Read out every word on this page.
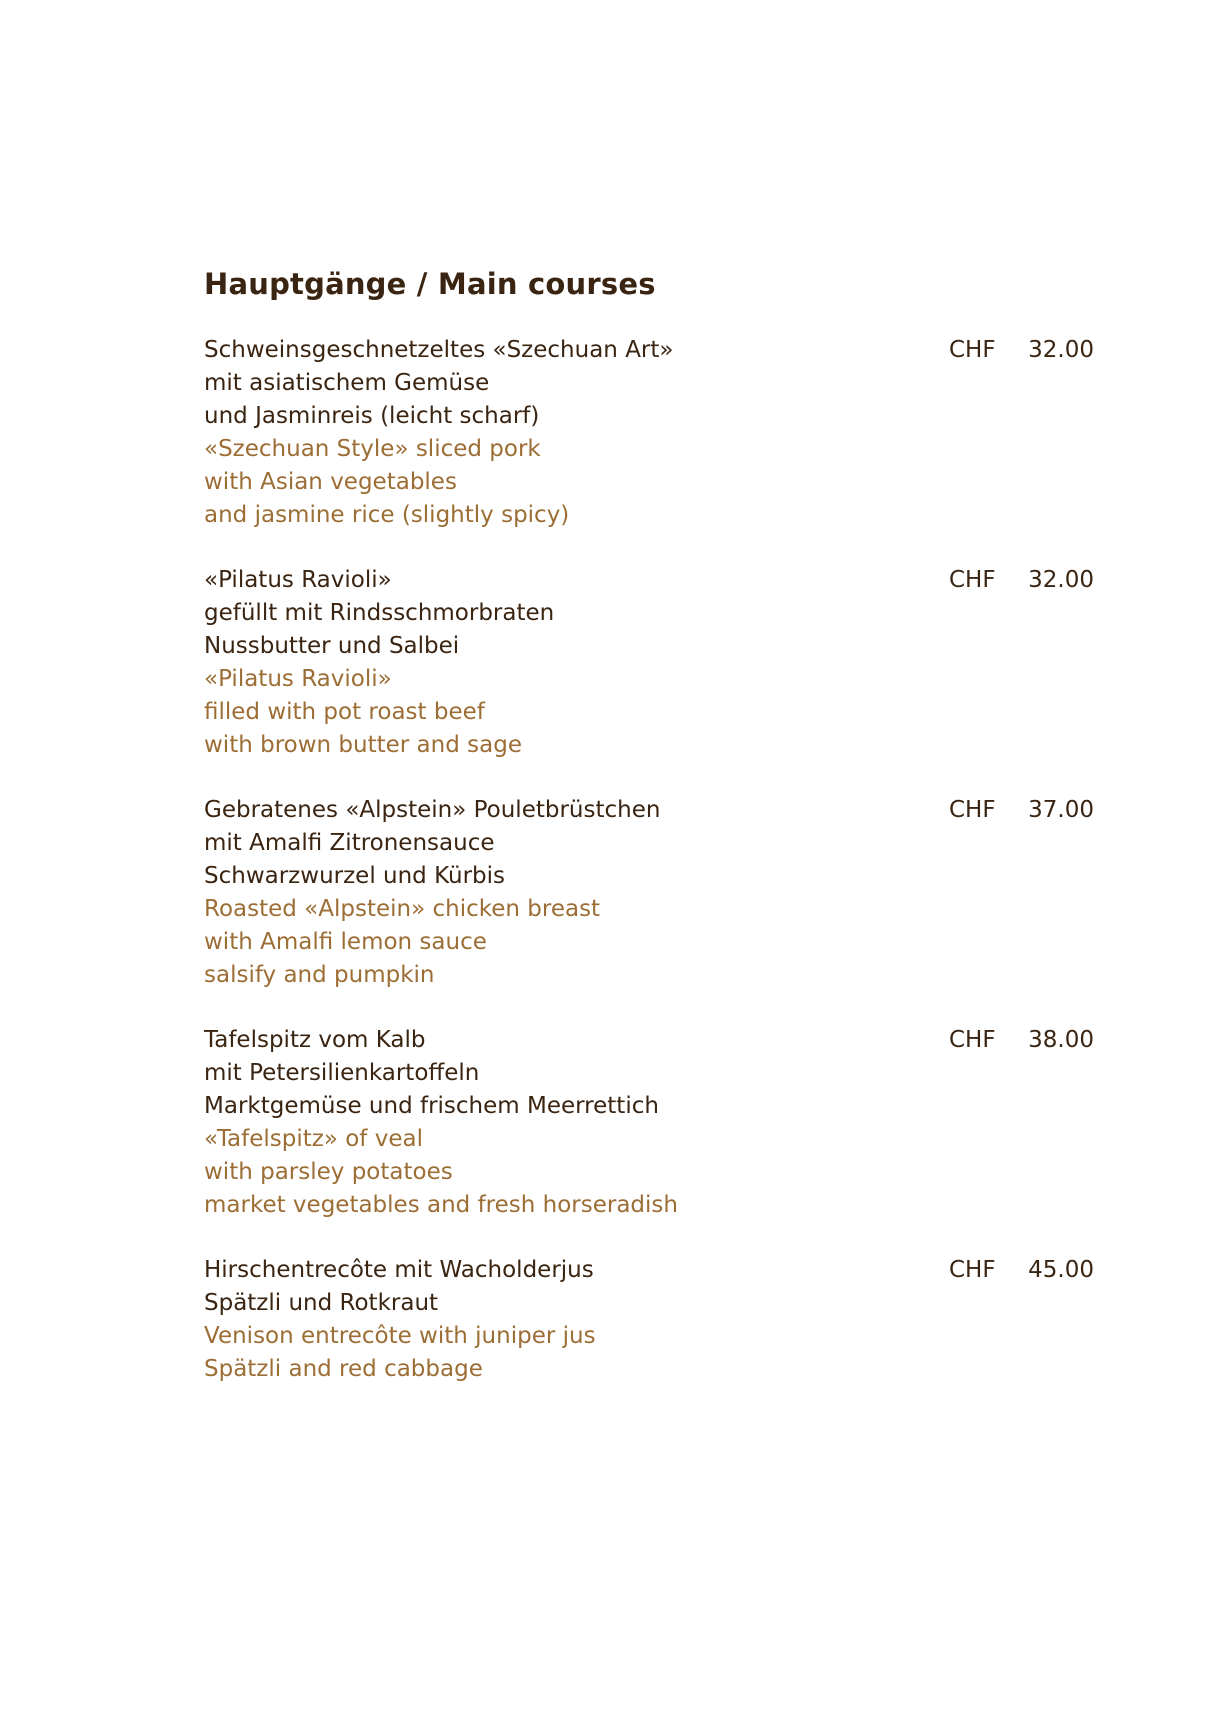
Hauptgänge / Main courses
Schweinsgeschnetzeltes «Szechuan Art»
mit asiatischem Gemüse
und Jasminreis (leicht scharf)
«Szechuan Style» sliced pork
with Asian vegetables
and jasmine rice (slightly spicy)
CHF 32.00
«Pilatus Ravioli»
gefüllt mit Rindsschmorbraten
Nussbutter und Salbei
«Pilatus Ravioli»
filled with pot roast beef
with brown butter and sage
CHF 32.00
Gebratenes «Alpstein» Pouletbrüstchen
mit Amalfi Zitronensauce
Schwarzwurzel und Kürbis
Roasted «Alpstein» chicken breast
with Amalfi lemon sauce
salsify and pumpkin
CHF 37.00
Tafelspitz vom Kalb
mit Petersilienkartoffeln
Marktgemüse und frischem Meerrettich
«Tafelspitz» of veal
with parsley potatoes
market vegetables and fresh horseradish
CHF 38.00
Hirschentrecôte mit Wacholderjus
Spätzli und Rotkraut
Venison entrecôte with juniper jus
Spätzli and red cabbage
CHF 45.00
